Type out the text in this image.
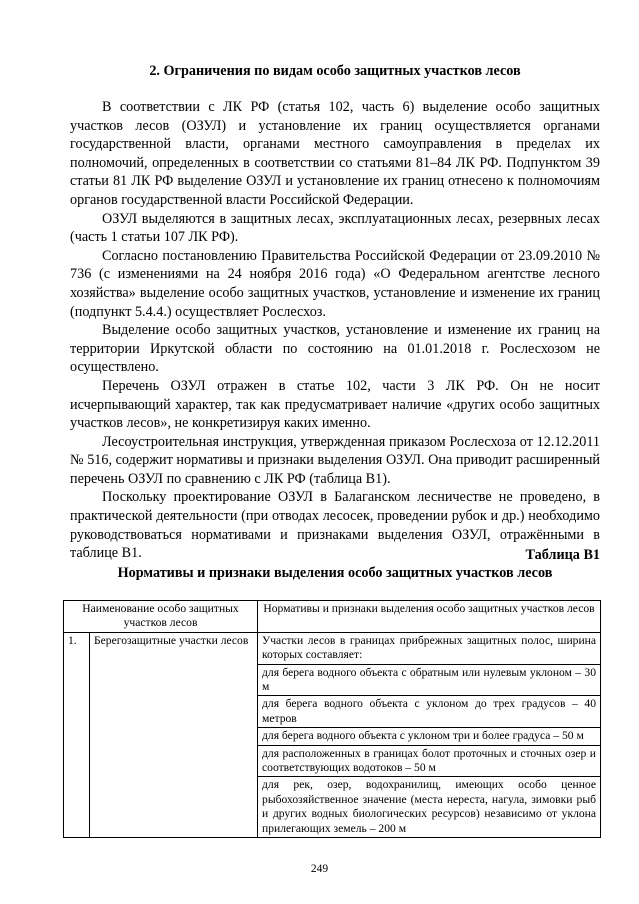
2. Ограничения по видам особо защитных участков лесов

В соответствии с ЛК РФ (статья 102, часть 6) выделение особо защитных участков лесов (ОЗУЛ) и установление их границ осуществляется органами государственной власти, органами местного самоуправления в пределах их полномочий, определенных в соответствии со статьями 81–84 ЛК РФ. Подпунктом 39 статьи 81 ЛК РФ выделение ОЗУЛ и установление их границ отнесено к полномочиям органов государственной власти Российской Федерации.

ОЗУЛ выделяются в защитных лесах, эксплуатационных лесах, резервных лесах (часть 1 статьи 107 ЛК РФ).

Согласно постановлению Правительства Российской Федерации от 23.09.2010 № 736 (с изменениями на 24 ноября 2016 года) «О Федеральном агентстве лесного хозяйства» выделение особо защитных участков, установление и изменение их границ (подпункт 5.4.4.) осуществляет Рослесхоз.

Выделение особо защитных участков, установление и изменение их границ на территории Иркутской области по состоянию на 01.01.2018 г. Рослесхозом не осуществлено.

Перечень ОЗУЛ отражен в статье 102, части 3 ЛК РФ. Он не носит исчерпывающий характер, так как предусматривает наличие «других особо защитных участков лесов», не конкретизируя каких именно.

Лесоустроительная инструкция, утвержденная приказом Рослесхоза от 12.12.2011 № 516, содержит нормативы и признаки выделения ОЗУЛ. Она приводит расширенный перечень ОЗУЛ по сравнению с ЛК РФ (таблица В1).

Поскольку проектирование ОЗУЛ в Балаганском лесничестве не проведено, в практической деятельности (при отводах лесосек, проведении рубок и др.) необходимо руководствоваться нормативами и признаками выделения ОЗУЛ, отражёнными в таблице В1.	Таблица В1
Нормативы и признаки выделения особо защитных участков лесов
Наименование особо защитных участков лесов		Нормативы и признаки выделения особо защитных участков лесов
1.	Берегозащитные участки лесов	Участки лесов в границах прибрежных защитных полос, ширина которых составляет:
		для берега водного объекта с обратным или нулевым уклоном – 30 м
		для берега водного объекта с уклоном до трех градусов – 40 метров
		для берега водного объекта с уклоном три и более градуса – 50 м
		для расположенных в границах болот проточных и сточных озер и соответствующих водотоков – 50 м
		для рек, озер, водохранилищ, имеющих особо ценное рыбохозяйственное значение (места нереста, нагула, зимовки рыб и других водных биологических ресурсов) независимо от уклона прилегающих земель – 200 м
249
